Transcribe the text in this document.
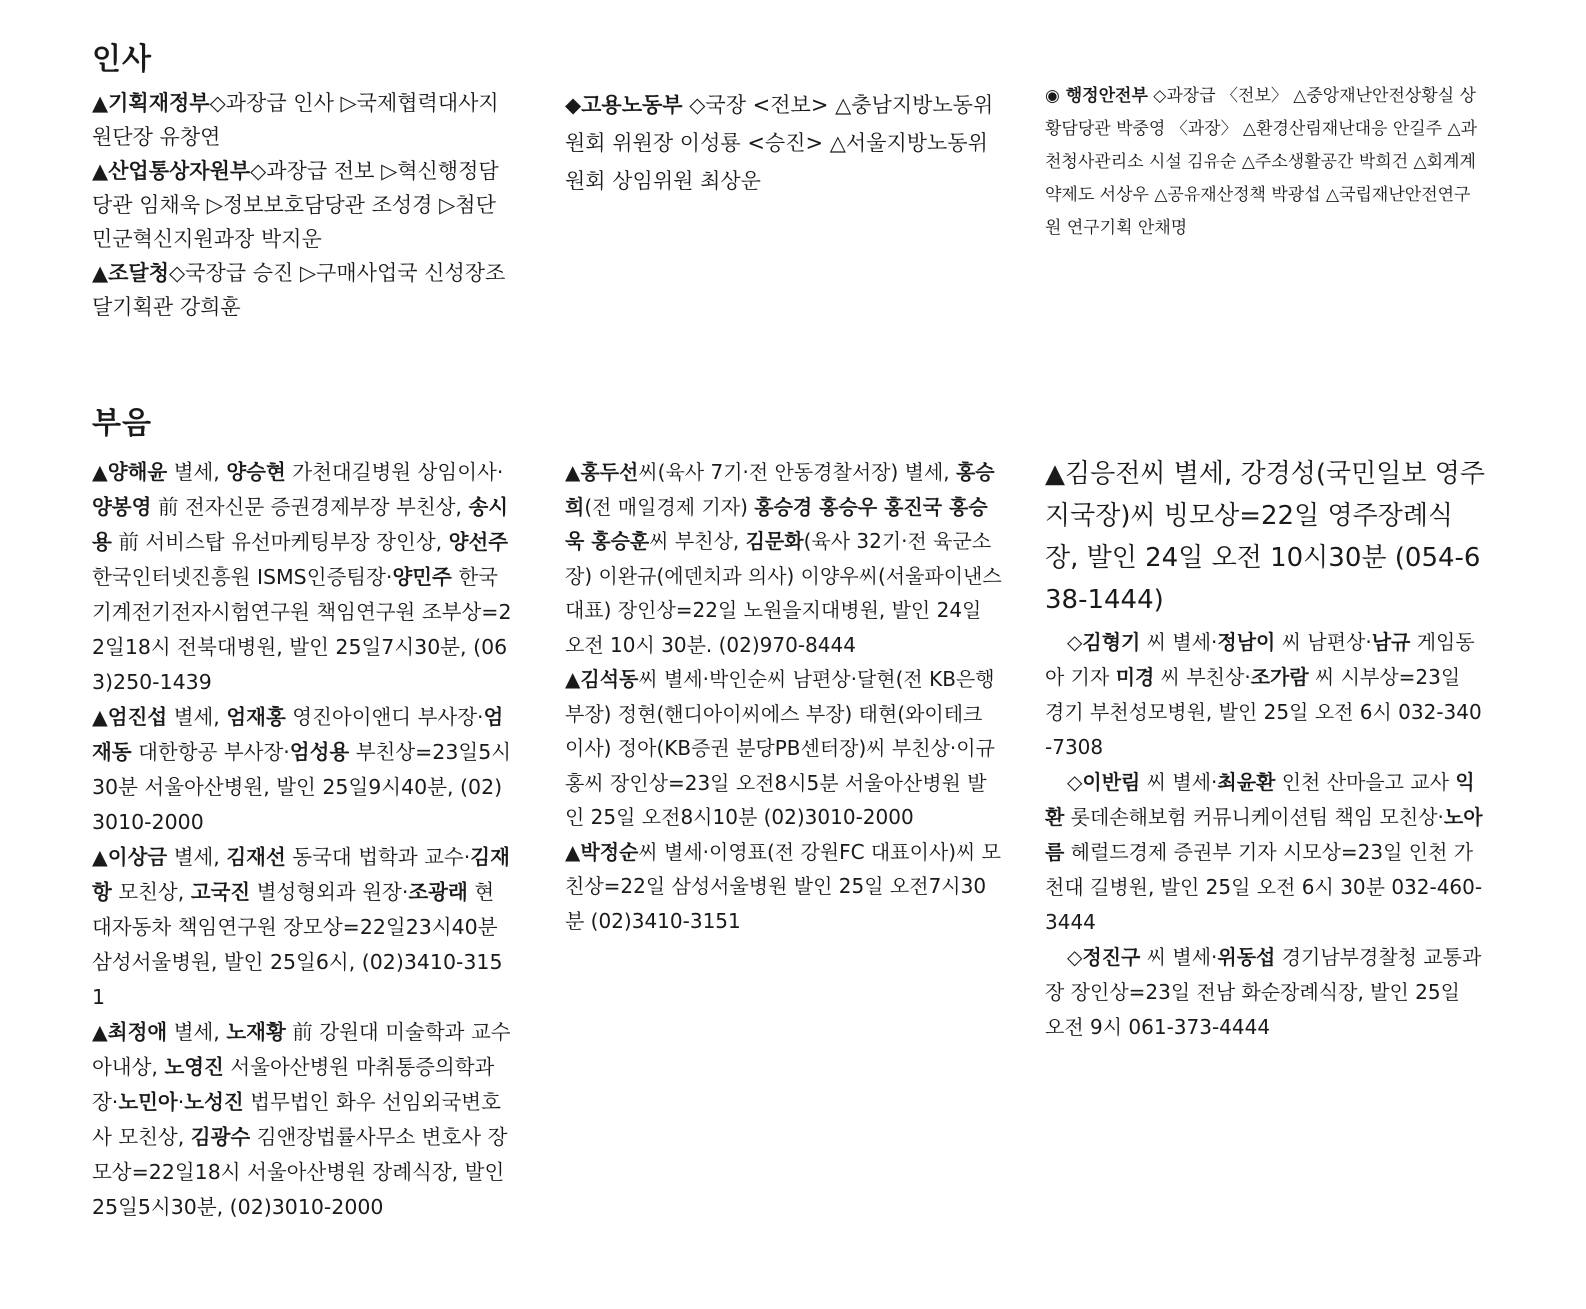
인사

▲기획재정부◇과장급 인사 ▷국제협력대사지원단장 유창연

▲산업통상자원부◇과장급 전보 ▷혁신행정담당관 임채욱 ▷정보보호담당관 조성경 ▷첨단민군혁신지원과장 박지운

▲조달청◇국장급 승진 ▷구매사업국 신성장조달기획관 강희훈

◆고용노동부 ◇국장 <전보> △충남지방노동위원회 위원장 이성룡 <승진> △서울지방노동위원회 상임위원 최상운

◉ 행정안전부 ◇과장급 〈전보〉 △중앙재난안전상황실 상황담당관 박중영 〈과장〉 △환경산림재난대응 안길주 △과천청사관리소 시설 김유순 △주소생활공간 박희건 △회계계약제도 서상우 △공유재산정책 박광섭 △국립재난안전연구원 연구기획 안채명

부음

▲양해윤 별세, 양승현 가천대길병원 상임이사·양봉영 前 전자신문 증권경제부장 부친상, 송시용 前 서비스탑 유선마케팅부장 장인상, 양선주 한국인터넷진흥원 ISMS인증팀장·양민주 한국기계전기전자시험연구원 책임연구원 조부상=22일18시 전북대병원, 발인 25일7시30분, (063)250-1439

▲엄진섭 별세, 엄재홍 영진아이앤디 부사장·엄재동 대한항공 부사장·엄성용 부친상=23일5시30분 서울아산병원, 발인 25일9시40분, (02)3010-2000

▲이상금 별세, 김재선 동국대 법학과 교수·김재항 모친상, 고국진 별성형외과 원장·조광래 현대자동차 책임연구원 장모상=22일23시40분 삼성서울병원, 발인 25일6시, (02)3410-3151

▲최정애 별세, 노재황 前 강원대 미술학과 교수 아내상, 노영진 서울아산병원 마취통증의학과장·노민아·노성진 법무법인 화우 선임외국변호사 모친상, 김광수 김앤장법률사무소 변호사 장모상=22일18시 서울아산병원 장례식장, 발인 25일5시30분, (02)3010-2000

▲홍두선씨(육사 7기·전 안동경찰서장) 별세, 홍승희(전 매일경제 기자) 홍승경 홍승우 홍진국 홍승욱 홍승훈씨 부친상, 김문화(육사 32기·전 육군소장) 이완규(에덴치과 의사) 이양우씨(서울파이낸스 대표) 장인상=22일 노원을지대병원, 발인 24일 오전 10시 30분. (02)970-8444

▲김석동씨 별세·박인순씨 남편상·달현(전 KB은행 부장) 정현(핸디아이씨에스 부장) 태현(와이테크 이사) 정아(KB증권 분당PB센터장)씨 부친상·이규홍씨 장인상=23일 오전8시5분 서울아산병원 발인 25일 오전8시10분 (02)3010-2000

▲박정순씨 별세·이영표(전 강원FC 대표이사)씨 모친상=22일 삼성서울병원 발인 25일 오전7시30분 (02)3410-3151

▲김응전씨 별세, 강경성(국민일보 영주지국장)씨 빙모상=22일 영주장례식장, 발인 24일 오전 10시30분 (054-638-1444)

◇김형기 씨 별세·정남이 씨 남편상·남규 게임동아 기자 미경 씨 부친상·조가람 씨 시부상=23일 경기 부천성모병원, 발인 25일 오전 6시 032-340-7308

◇이반림 씨 별세·최윤환 인천 산마을고 교사 익환 롯데손해보험 커뮤니케이션팀 책임 모친상·노아름 헤럴드경제 증권부 기자 시모상=23일 인천 가천대 길병원, 발인 25일 오전 6시 30분 032-460-3444

◇정진구 씨 별세·위동섭 경기남부경찰청 교통과장 장인상=23일 전남 화순장례식장, 발인 25일 오전 9시 061-373-4444
